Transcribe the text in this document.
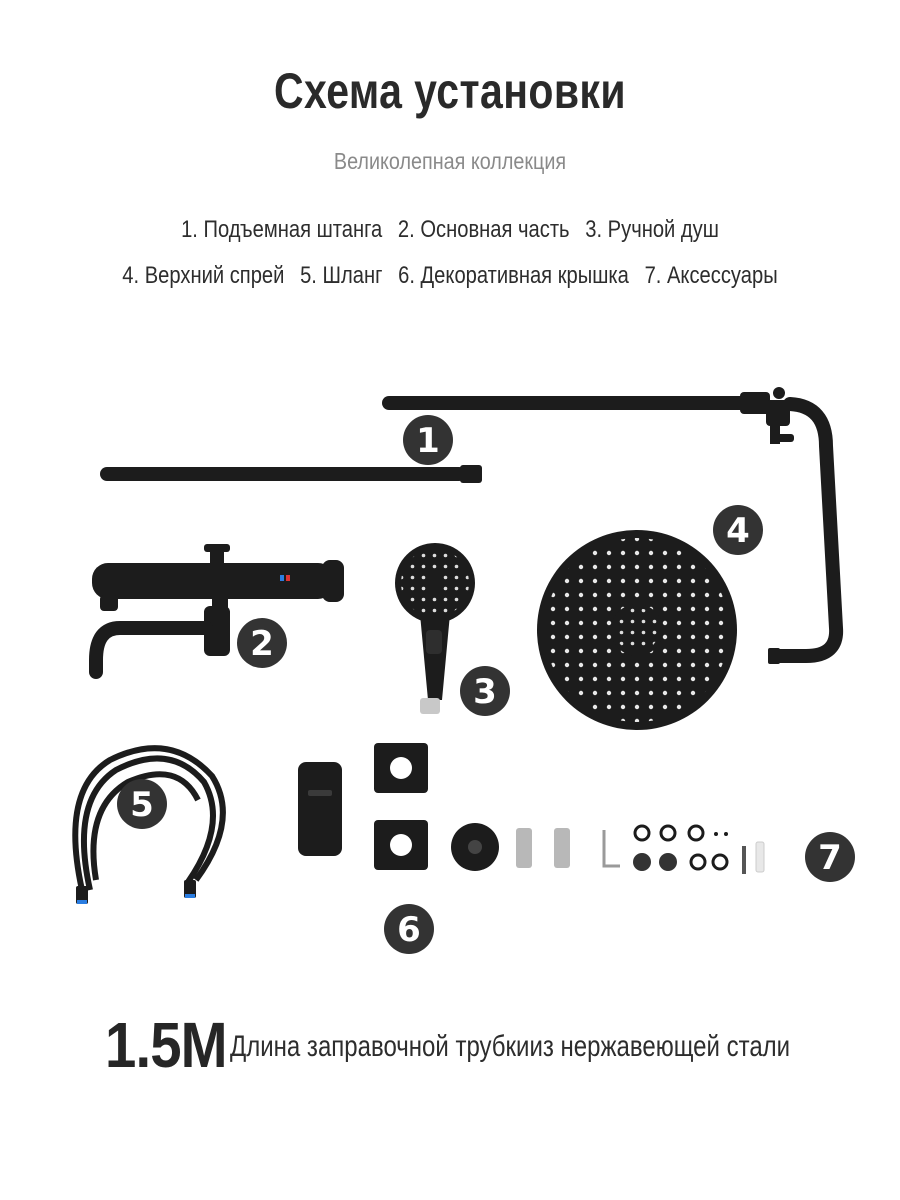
Схема установки
Великолепная коллекция
1. Подъемная штанга 2. Основная часть 3. Ручной душ
4. Верхний спрей 5. Шланг 6. Декоративная крышка 7. Аксессуары
1
2
3
4
5
6
7
1.5M Длина заправочной трубкииз нержавеющей стали
